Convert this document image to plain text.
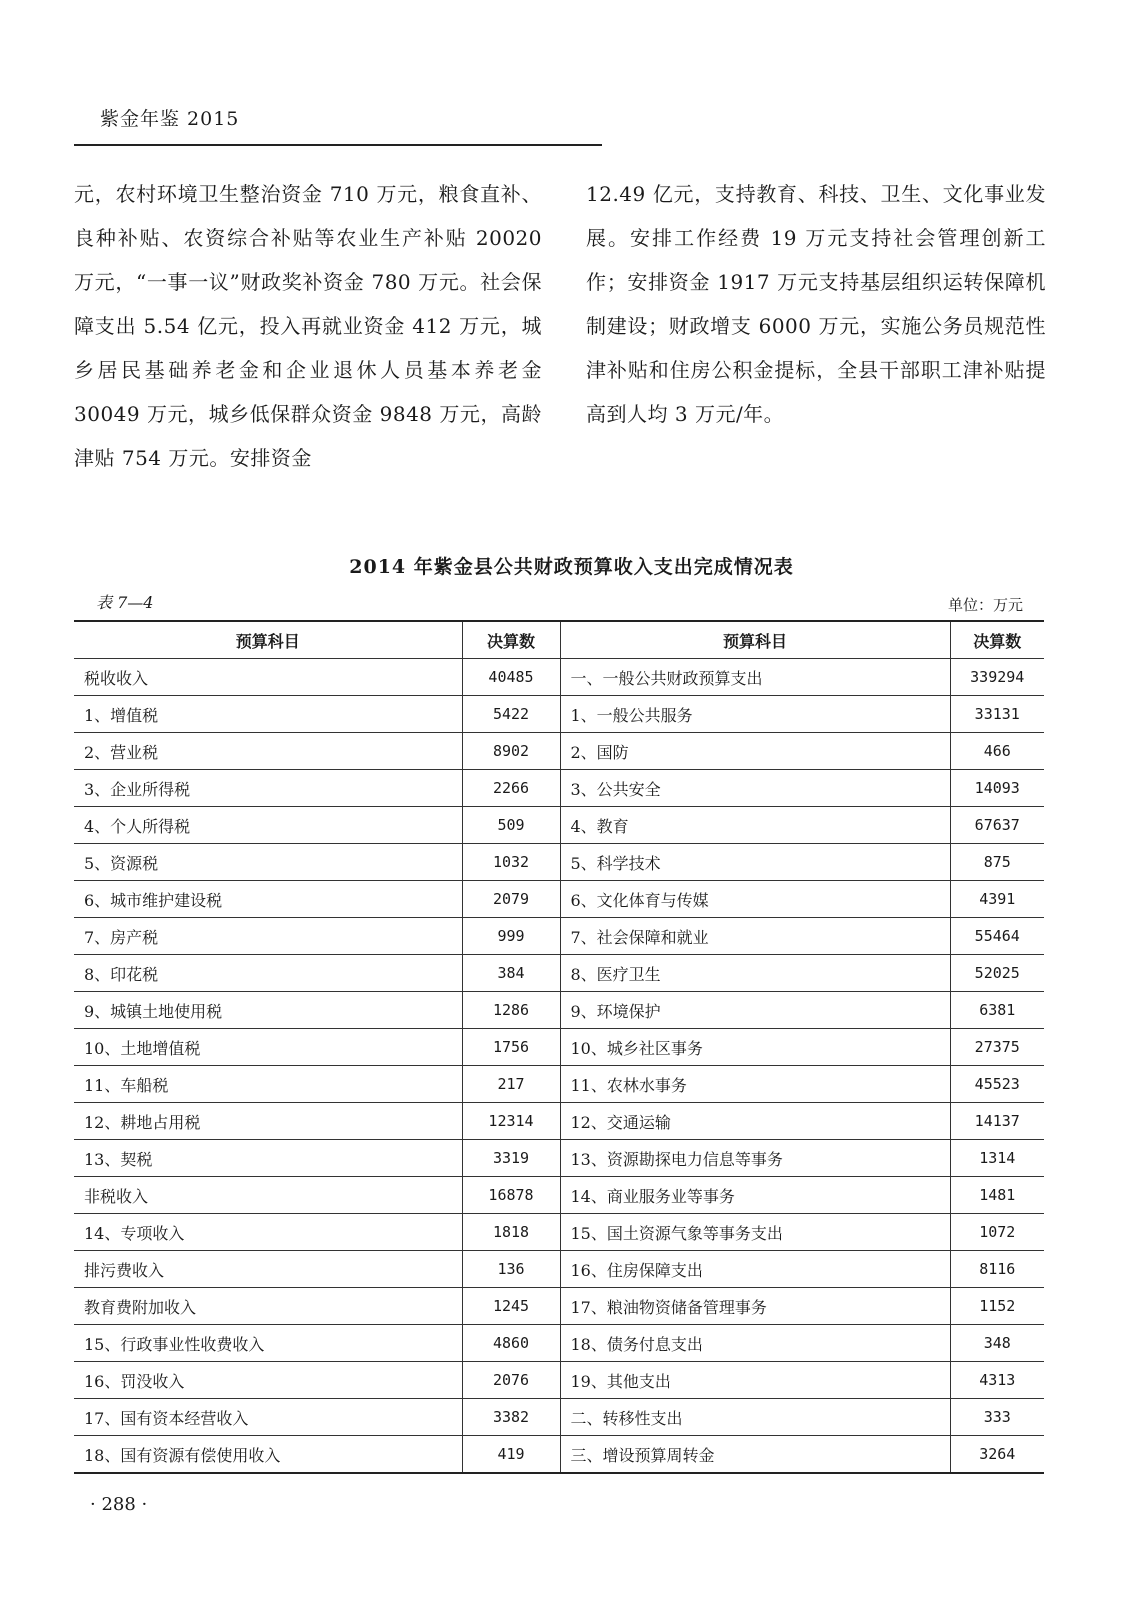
紫金年鉴 2015
元，农村环境卫生整治资金 710 万元，粮食直补、良种补贴、农资综合补贴等农业生产补贴 20020 万元，“一事一议”财政奖补资金 780 万元。社会保障支出 5.54 亿元，投入再就业资金 412 万元，城乡居民基础养老金和企业退休人员基本养老金 30049 万元，城乡低保群众资金 9848 万元，高龄津贴 754 万元。安排资金
12.49 亿元，支持教育、科技、卫生、文化事业发展。安排工作经费 19 万元支持社会管理创新工作；安排资金 1917 万元支持基层组织运转保障机制建设；财政增支 6000 万元，实施公务员规范性津补贴和住房公积金提标，全县干部职工津补贴提高到人均 3 万元/年。
2014 年紫金县公共财政预算收入支出完成情况表
表 7—4	单位：万元
预算科目	决算数	预算科目	决算数
税收收入	40485	一、一般公共财政预算支出	339294
1、增值税	5422	1、一般公共服务	33131
2、营业税	8902	2、国防	466
3、企业所得税	2266	3、公共安全	14093
4、个人所得税	509	4、教育	67637
5、资源税	1032	5、科学技术	875
6、城市维护建设税	2079	6、文化体育与传媒	4391
7、房产税	999	7、社会保障和就业	55464
8、印花税	384	8、医疗卫生	52025
9、城镇土地使用税	1286	9、环境保护	6381
10、土地增值税	1756	10、城乡社区事务	27375
11、车船税	217	11、农林水事务	45523
12、耕地占用税	12314	12、交通运输	14137
13、契税	3319	13、资源勘探电力信息等事务	1314
非税收入	16878	14、商业服务业等事务	1481
14、专项收入	1818	15、国土资源气象等事务支出	1072
排污费收入	136	16、住房保障支出	8116
教育费附加收入	1245	17、粮油物资储备管理事务	1152
15、行政事业性收费收入	4860	18、债务付息支出	348
16、罚没收入	2076	19、其他支出	4313
17、国有资本经营收入	3382	二、转移性支出	333
18、国有资源有偿使用收入	419	三、增设预算周转金	3264
· 288 ·
